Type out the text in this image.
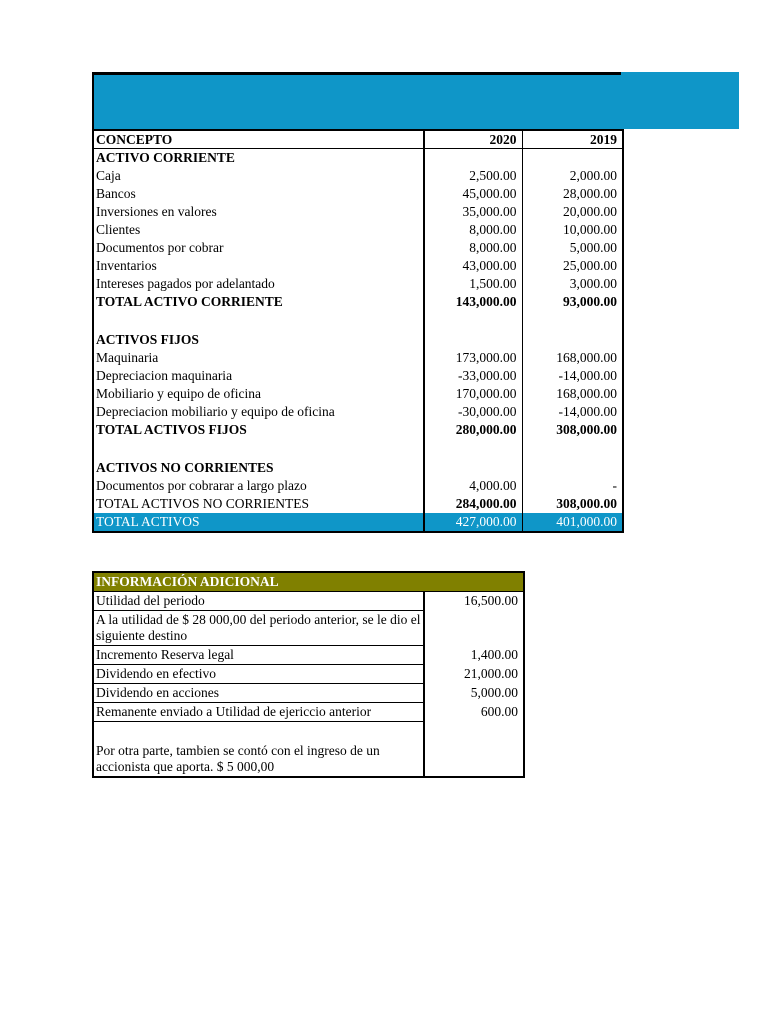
CONCEPTO	2020	2019
ACTIVO CORRIENTE		
Caja	2,500.00	2,000.00
Bancos	45,000.00	28,000.00
Inversiones en valores	35,000.00	20,000.00
Clientes	8,000.00	10,000.00
Documentos por cobrar	8,000.00	5,000.00
Inventarios	43,000.00	25,000.00
Intereses pagados por adelantado	1,500.00	3,000.00
TOTAL ACTIVO CORRIENTE	143,000.00	93,000.00

ACTIVOS FIJOS		
Maquinaria	173,000.00	168,000.00
Depreciacion maquinaria	-33,000.00	-14,000.00
Mobiliario y equipo de oficina	170,000.00	168,000.00
Depreciacion mobiliario y equipo de oficina	-30,000.00	-14,000.00
TOTAL ACTIVOS FIJOS	280,000.00	308,000.00

ACTIVOS NO CORRIENTES		
Documentos por cobrarar a largo plazo	4,000.00	-
TOTAL ACTIVOS NO CORRIENTES	284,000.00	308,000.00
TOTAL ACTIVOS	427,000.00	401,000.00
INFORMACIÓN ADICIONAL	
Utilidad del periodo	16,500.00
A la utilidad de $ 28 000,00 del periodo anterior, se le dio el siguiente destino	
Incremento Reserva legal	1,400.00
Dividendo en efectivo	21,000.00
Dividendo en acciones	5,000.00
Remanente enviado a Utilidad de ejericcio anterior	600.00

Por otra parte, tambien se contó con el ingreso de un accionista que aporta. $ 5 000,00	
